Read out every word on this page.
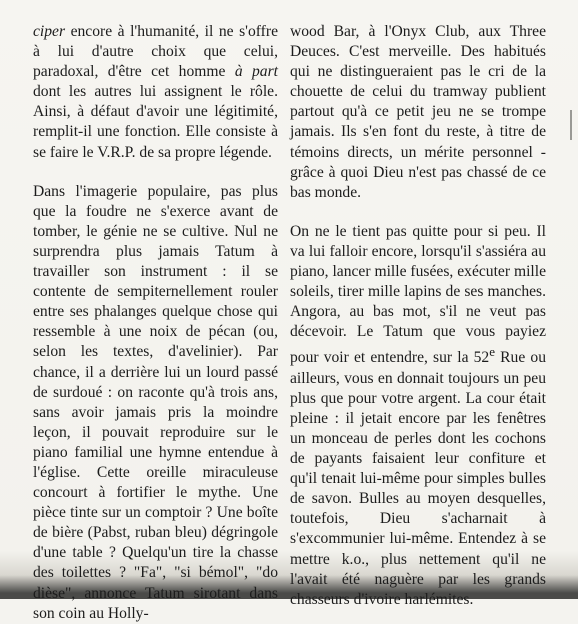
ciper encore à l'humanité, il ne s'offre à lui d'autre choix que celui, paradoxal, d'être cet homme à part dont les autres lui assignent le rôle. Ainsi, à défaut d'avoir une légitimité, remplit-il une fonction. Elle consiste à se faire le V.R.P. de sa propre légende.

Dans l'imagerie populaire, pas plus que la foudre ne s'exerce avant de tomber, le génie ne se cultive. Nul ne surprendra plus jamais Tatum à travailler son instrument : il se contente de sempiternellement rouler entre ses phalanges quelque chose qui ressemble à une noix de pécan (ou, selon les textes, d'avelinier). Par chance, il a derrière lui un lourd passé de surdoué : on raconte qu'à trois ans, sans avoir jamais pris la moindre leçon, il pouvait reproduire sur le piano familial une hymne entendue à l'église. Cette oreille miraculeuse concourt à fortifier le mythe. Une pièce tinte sur un comptoir ? Une boîte de bière (Pabst, ruban bleu) dégringole d'une table ? Quelqu'un tire la chasse des toilettes ? "Fa", "si bémol", "do dièse", annonce Tatum sirotant dans son coin au Holly-

wood Bar, à l'Onyx Club, aux Three Deuces. C'est merveille. Des habitués qui ne distingueraient pas le cri de la chouette de celui du tramway publient partout qu'à ce petit jeu ne se trompe jamais. Ils s'en font du reste, à titre de témoins directs, un mérite personnel - grâce à quoi Dieu n'est pas chassé de ce bas monde.

On ne le tient pas quitte pour si peu. Il va lui falloir encore, lorsqu'il s'assiéra au piano, lancer mille fusées, exécuter mille soleils, tirer mille lapins de ses manches. Angora, au bas mot, s'il ne veut pas décevoir. Le Tatum que vous payiez pour voir et entendre, sur la 52e Rue ou ailleurs, vous en donnait toujours un peu plus que pour votre argent. La cour était pleine : il jetait encore par les fenêtres un monceau de perles dont les cochons de payants faisaient leur confiture et qu'il tenait lui-même pour simples bulles de savon. Bulles au moyen desquelles, toutefois, Dieu s'acharnait à s'excommunier lui-même. Entendez à se mettre k.o., plus nettement qu'il ne l'avait été naguère par les grands chasseurs d'ivoire harlémites.
